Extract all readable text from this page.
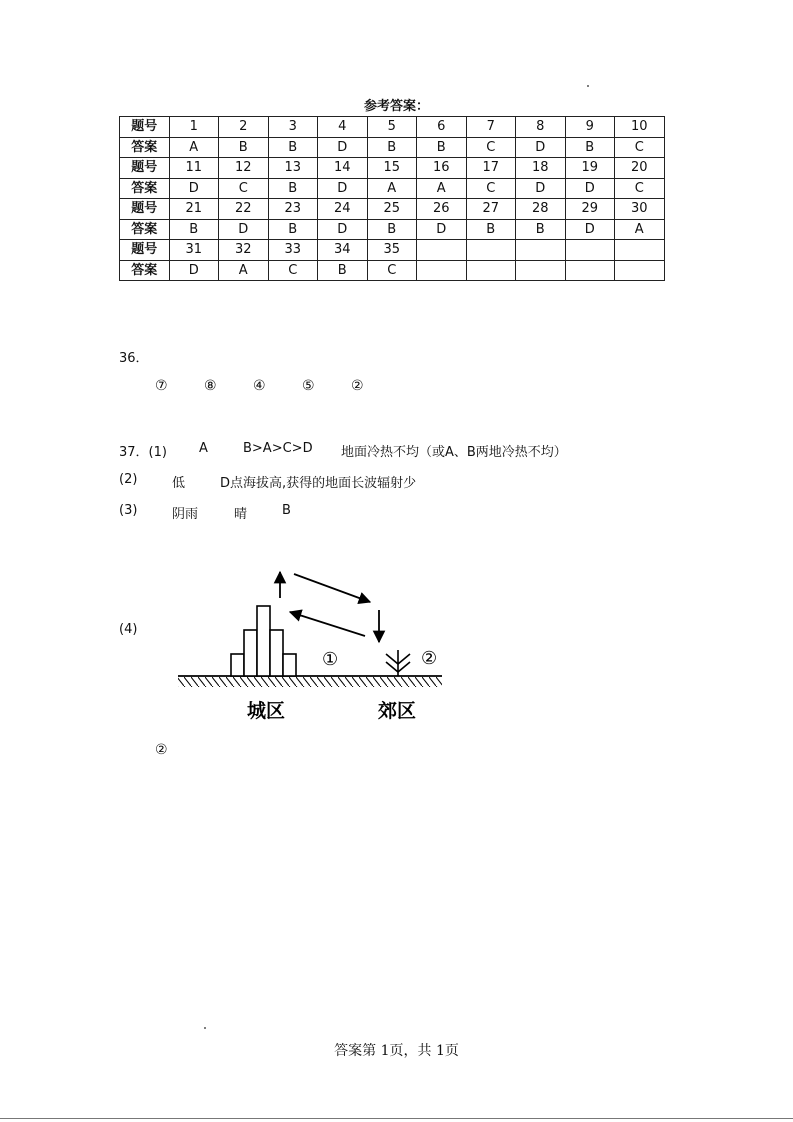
参考答案：
题号	1	2	3	4	5	6	7	8	9	10
答案	A	B	B	D	B	B	C	D	B	C
题号	11	12	13	14	15	16	17	18	19	20
答案	D	C	B	D	A	A	C	D	D	C
题号	21	22	23	24	25	26	27	28	29	30
答案	B	D	B	D	B	D	B	B	D	A
题号	31	32	33	34	35					
答案	D	A	C	B	C					
36．
⑦	⑧	④	⑤	②
37．(1) A	B>A>C>D 地面冷热不均（或A、B两地冷热不均）
(2)	低	D点海拔高,获得的地面长波辐射少
(3)	阴雨	晴	B
(4)
①	②
城区	郊区
②
答案第 1页，共 1页
